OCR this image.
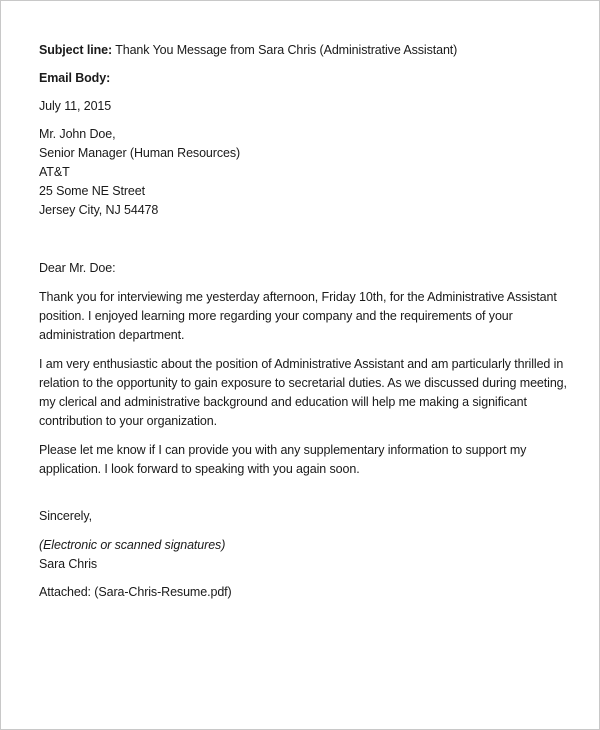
Subject line: Thank You Message from Sara Chris (Administrative Assistant)
Email Body:
July 11, 2015
Mr. John Doe,
Senior Manager (Human Resources)
AT&T
25 Some NE Street
Jersey City, NJ 54478
Dear Mr. Doe:
Thank you for interviewing me yesterday afternoon, Friday 10th, for the Administrative Assistant position. I enjoyed learning more regarding your company and the requirements of your administration department.
I am very enthusiastic about the position of Administrative Assistant and am particularly thrilled in relation to the opportunity to gain exposure to secretarial duties. As we discussed during meeting, my clerical and administrative background and education will help me making a significant contribution to your organization.
Please let me know if I can provide you with any supplementary information to support my application. I look forward to speaking with you again soon.
Sincerely,
(Electronic or scanned signatures)
Sara Chris
Attached: (Sara-Chris-Resume.pdf)
